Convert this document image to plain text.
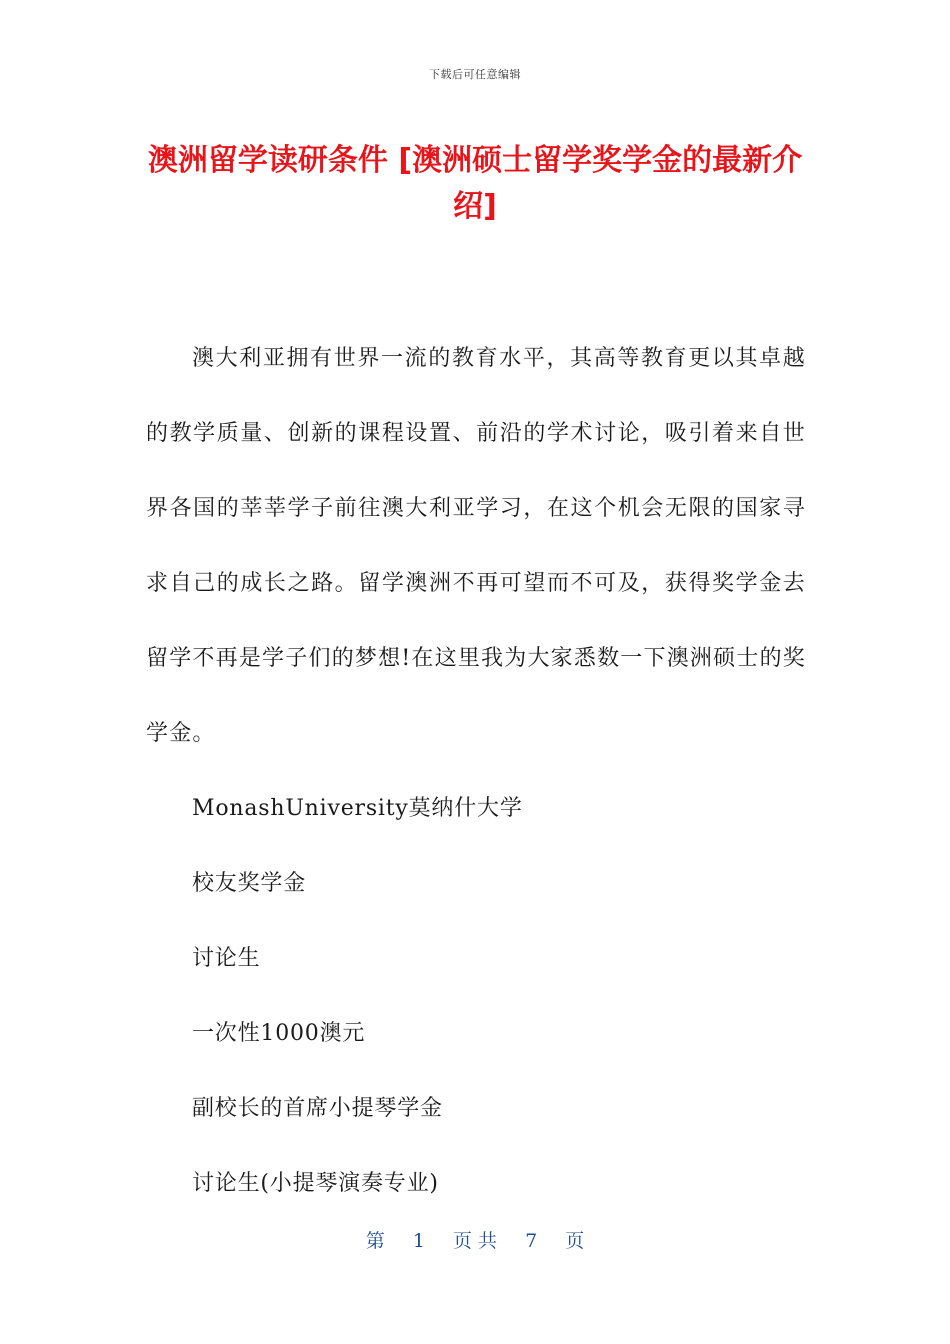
下载后可任意编辑
澳洲留学读研条件 [澳洲硕士留学奖学金的最新介绍]

澳大利亚拥有世界一流的教育水平，其高等教育更以其卓越的教学质量、创新的课程设置、前沿的学术讨论，吸引着来自世界各国的莘莘学子前往澳大利亚学习，在这个机会无限的国家寻求自己的成长之路。留学澳洲不再可望而不可及，获得奖学金去留学不再是学子们的梦想!在这里我为大家悉数一下澳洲硕士的奖学金。

MonashUniversity莫纳什大学

校友奖学金

讨论生

一次性1000澳元

副校长的首席小提琴学金

讨论生(小提琴演奏专业)

第 1 页 共 7 页
